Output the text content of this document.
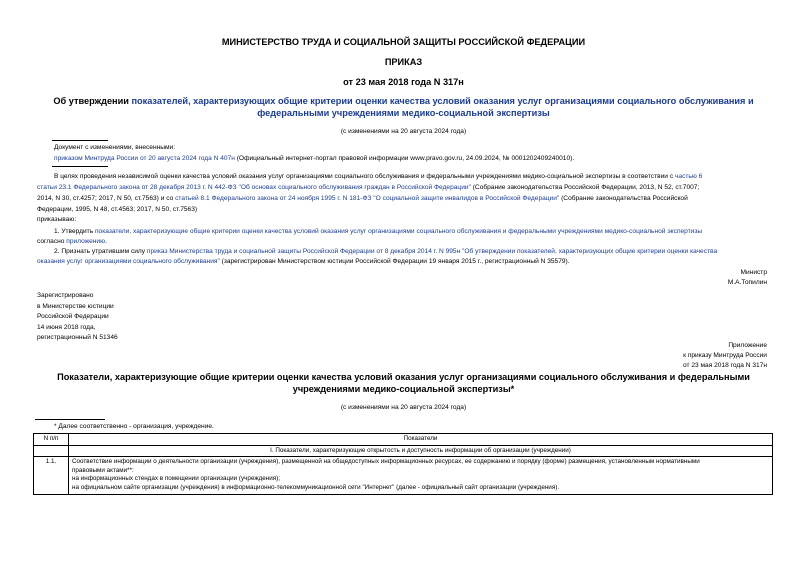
МИНИСТЕРСТВО ТРУДА И СОЦИАЛЬНОЙ ЗАЩИТЫ РОССИЙСКОЙ ФЕДЕРАЦИИ
ПРИКАЗ
от 23 мая 2018 года N 317н
Об утверждении показателей, характеризующих общие критерии оценки качества условий оказания услуг организациями социального обслуживания и
федеральными учреждениями медико-социальной экспертизы
(с изменениями на 20 августа 2024 года)
Документ с изменениями, внесенными:
приказом Минтруда России от 20 августа 2024 года N 407н (Официальный интернет-портал правовой информации www.pravo.gov.ru, 24.09.2024, № 0001202409240010).
В целях проведения независимой оценки качества условий оказания услуг организациями социального обслуживания и федеральными учреждениями медико-социальной экспертизы в соответствии с частью 6
статьи 23.1 Федерального закона от 28 декабря 2013 г. N 442-ФЗ "Об основах социального обслуживания граждан в Российской Федерации" (Собрание законодательства Российской Федерации, 2013, N 52, ст.7007;
2014, N 30, ст.4257; 2017, N 50, ст.7563) и со статьей 8.1 Федерального закона от 24 ноября 1995 г. N 181-ФЗ "О социальной защите инвалидов в Российской Федерации" (Собрание законодательства Российской
Федерации, 1995, N 48, ст.4563; 2017, N 50, ст.7563)
приказываю:
1. Утвердить показатели, характеризующие общие критерии оценки качества условий оказания услуг организациями социального обслуживания и федеральными учреждениями медико-социальной экспертизы
согласно приложению.
2. Признать утратившим силу приказ Министерства труда и социальной защиты Российской Федерации от 8 декабря 2014 г. N 995н "Об утверждении показателей, характеризующих общие критерии оценки качества
оказания услуг организациями социального обслуживания" (зарегистрирован Министерством юстиции Российской Федерации 19 января 2015 г., регистрационный N 35579).
Министр
М.А.Топилин
Зарегистрировано
в Министерстве юстиции
Российской Федерации
14 июня 2018 года,
регистрационный N 51346
Приложение
к приказу Минтруда России
от 23 мая 2018 года N 317н
Показатели, характеризующие общие критерии оценки качества условий оказания услуг организациями социального обслуживания и федеральными
учреждениями медико-социальной экспертизы*
(с изменениями на 20 августа 2024 года)
* Далее соответственно - организация, учреждение.
N п/п	Показатели
	I. Показатели, характеризующие открытость и доступность информации об организации (учреждении)
1.1.	Соответствие информации о деятельности организации (учреждения), размещенной на общедоступных информационных ресурсах, ее содержанию и порядку (форме) размещения, установленным нормативными
правовыми актами**:
на информационных стендах в помещении организации (учреждения);
на официальном сайте организации (учреждения) в информационно-телекоммуникационной сети "Интернет" (далее - официальный сайт организации (учреждения).
